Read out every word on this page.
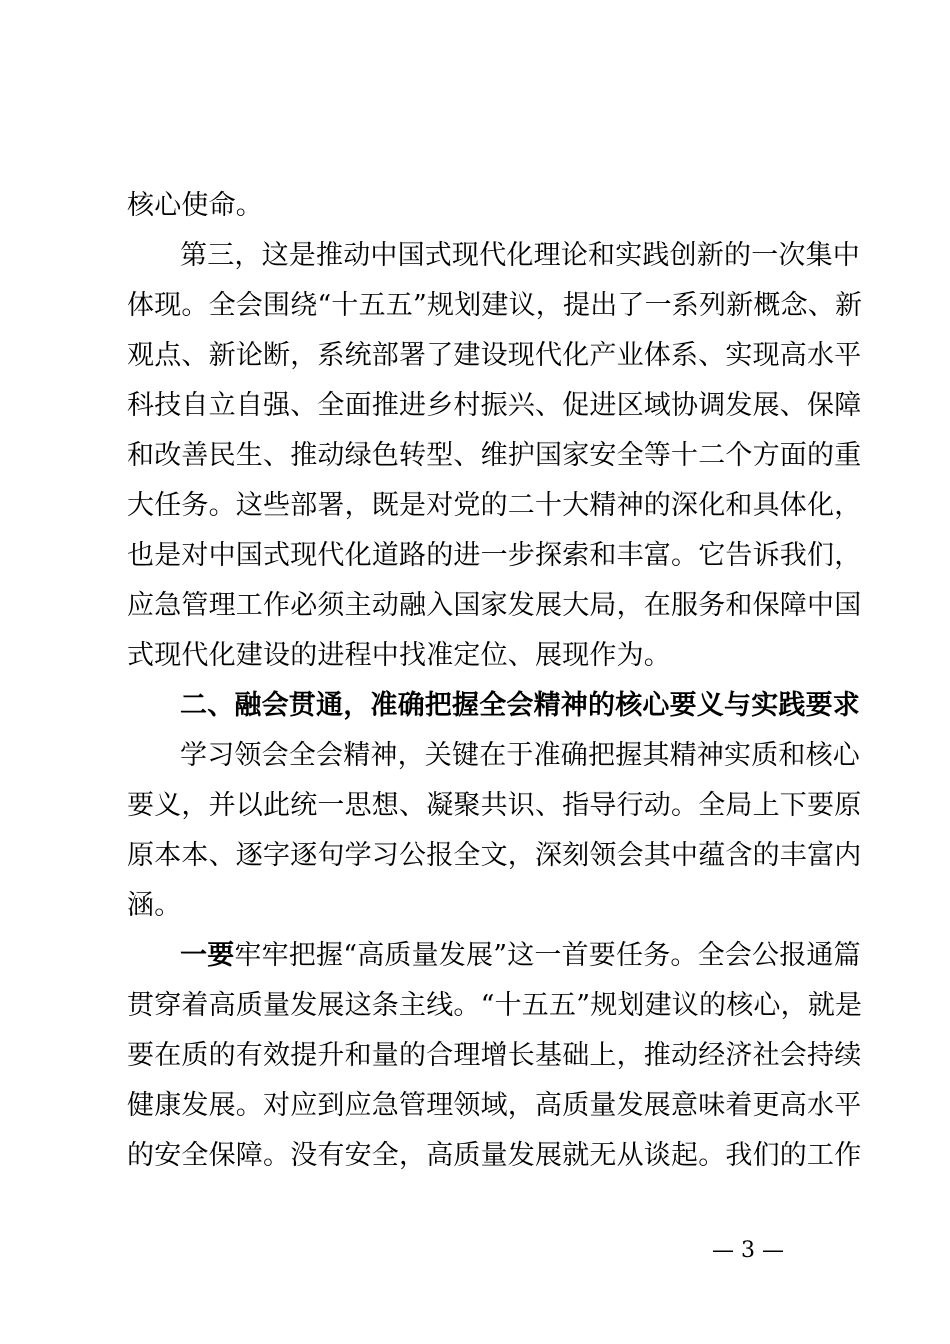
核心使命。
第三，这是推动中国式现代化理论和实践创新的一次集中
体现。全会围绕“十五五”规划建议，提出了一系列新概念、新
观点、新论断，系统部署了建设现代化产业体系、实现高水平
科技自立自强、全面推进乡村振兴、促进区域协调发展、保障
和改善民生、推动绿色转型、维护国家安全等十二个方面的重
大任务。这些部署，既是对党的二十大精神的深化和具体化，
也是对中国式现代化道路的进一步探索和丰富。它告诉我们，
应急管理工作必须主动融入国家发展大局，在服务和保障中国
式现代化建设的进程中找准定位、展现作为。
二、融会贯通，准确把握全会精神的核心要义与实践要求
学习领会全会精神，关键在于准确把握其精神实质和核心
要义，并以此统一思想、凝聚共识、指导行动。全局上下要原
原本本、逐字逐句学习公报全文，深刻领会其中蕴含的丰富内
涵。
一要牢牢把握“高质量发展”这一首要任务。全会公报通篇
贯穿着高质量发展这条主线。“十五五”规划建议的核心，就是
要在质的有效提升和量的合理增长基础上，推动经济社会持续
健康发展。对应到应急管理领域，高质量发展意味着更高水平
的安全保障。没有安全，高质量发展就无从谈起。我们的工作
— 3 —
